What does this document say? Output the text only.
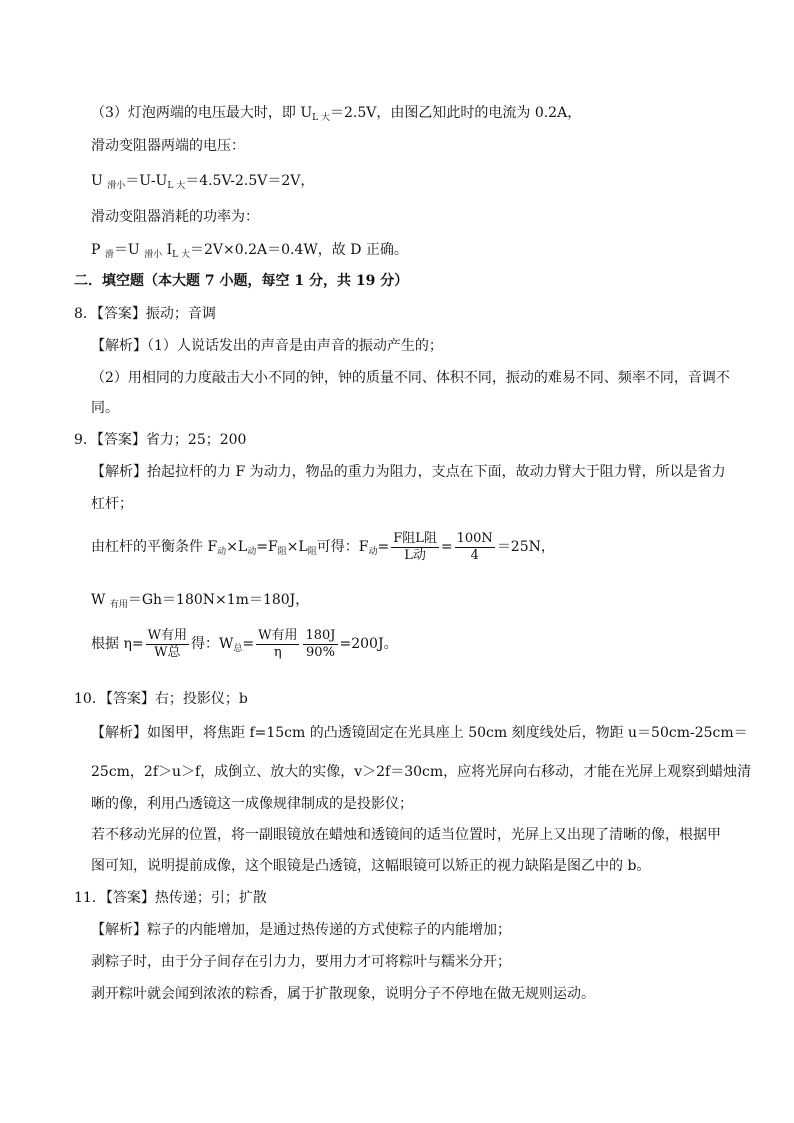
（3）灯泡两端的电压最大时，即 $U_{L 大}=2.5V$，由图乙知此时的电流为 0.2A，
滑动变阻器两端的电压：
U $_{滑小}=U-U_{L 大}=4.5V-2.5V=2V$，
滑动变阻器消耗的功率为：
P $_滑$＝U $_{滑小}$ $I_{L 大}=2V\times 0.2A=0.4W$，故 D 正确。
二．填空题（本大题 7 小题，每空 1 分，共 19 分）
8．【答案】振动；音调
【解析】（1）人说话发出的声音是由声音的振动产生的；
（2）用相同的力度敲击大小不同的钟，钟的质量不同、体积不同，振动的难易不同、频率不同，音调不
同。
9．【答案】省力；25；200
【解析】抬起拉杆的力 F 为动力，物品的重力为阻力，支点在下面，故动力臂大于阻力臂，所以是省力
杠杆；
由杠杆的平衡条件 $F_动\times L_动=F_阻\times L_阻$可得：$F_动= \frac{\text{F阻L阻}}{\text{L动}} = \frac{100N}{4} =25N$，
W $_{有用}$＝Gh＝180N×1m＝180J，
根据 $\eta= \frac{\text{W有用}}{\text{W总}}$ 得：$W_总= \frac{\text{W有用}}{\eta} \frac{180J}{90\%} =200J$。
10．【答案】右；投影仪；b
【解析】如图甲，将焦距 f=15cm 的凸透镜固定在光具座上 50cm 刻度线处后，物距 u＝50cm-25cm＝
25cm，2f＞u＞f，成倒立、放大的实像，v＞2f＝30cm，应将光屏向右移动，才能在光屏上观察到蜡烛清
晰的像，利用凸透镜这一成像规律制成的是投影仪；
若不移动光屏的位置，将一副眼镜放在蜡烛和透镜间的适当位置时，光屏上又出现了清晰的像，根据甲
图可知，说明提前成像，这个眼镜是凸透镜，这幅眼镜可以矫正的视力缺陷是图乙中的 b。
11．【答案】热传递；引；扩散
【解析】粽子的内能增加，是通过热传递的方式使粽子的内能增加；
剥粽子时，由于分子间存在引力力，要用力才可将粽叶与糯米分开；
剥开粽叶就会闻到浓浓的粽香，属于扩散现象，说明分子不停地在做无规则运动。
